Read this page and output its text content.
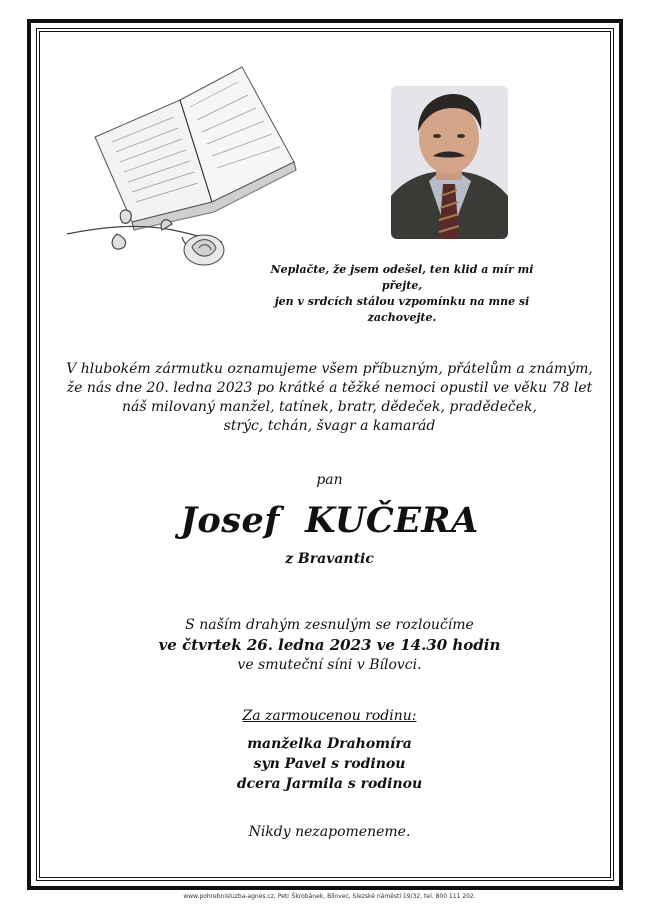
Neplačte, že jsem odešel, ten klid a mír mi přejte,
jen v srdcích stálou vzpomínku na mne si zachovejte.
V hlubokém zármutku oznamujeme všem příbuzným, přátelům a známým,
že nás dne 20. ledna 2023 po krátké a těžké nemoci opustil ve věku 78 let
náš milovaný manžel, tatínek, bratr, dědeček, pradědeček,
strýc, tchán, švagr a kamarád
pan
Josef  KUČERA
z Bravantic
S naším drahým zesnulým se rozloučíme
ve čtvrtek 26. ledna 2023 ve 14.30 hodin
ve smuteční síni v Bílovci.
Za zarmoucenou rodinu:
manželka Drahomíra
syn Pavel s rodinou
dcera Jarmila s rodinou
Nikdy nezapomeneme.
www.pohrebnisluzba-agnes.cz, Petr Škrobánek, Bílovec, Slezské náměstí 19/32, tel. 800 111 202.
